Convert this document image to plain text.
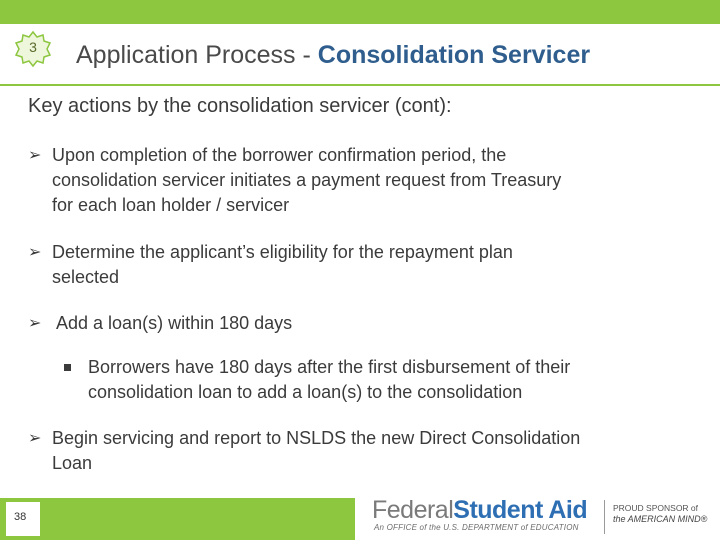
3	Application Process - Consolidation Servicer
Key actions by the consolidation servicer (cont):
➢ Upon completion of the borrower confirmation period, the
consolidation servicer initiates a payment request from Treasury
for each loan holder / servicer
➢ Determine the applicant’s eligibility for the repayment plan
selected
➢ Add a loan(s) within 180 days
Borrowers have 180 days after the first disbursement of their
consolidation loan to add a loan(s) to the consolidation
➢ Begin servicing and report to NSLDS the new Direct Consolidation
Loan
38	FederalStudent Aid
An OFFICE of the U.S. DEPARTMENT of EDUCATION
PROUD SPONSOR of
the AMERICAN MIND®
